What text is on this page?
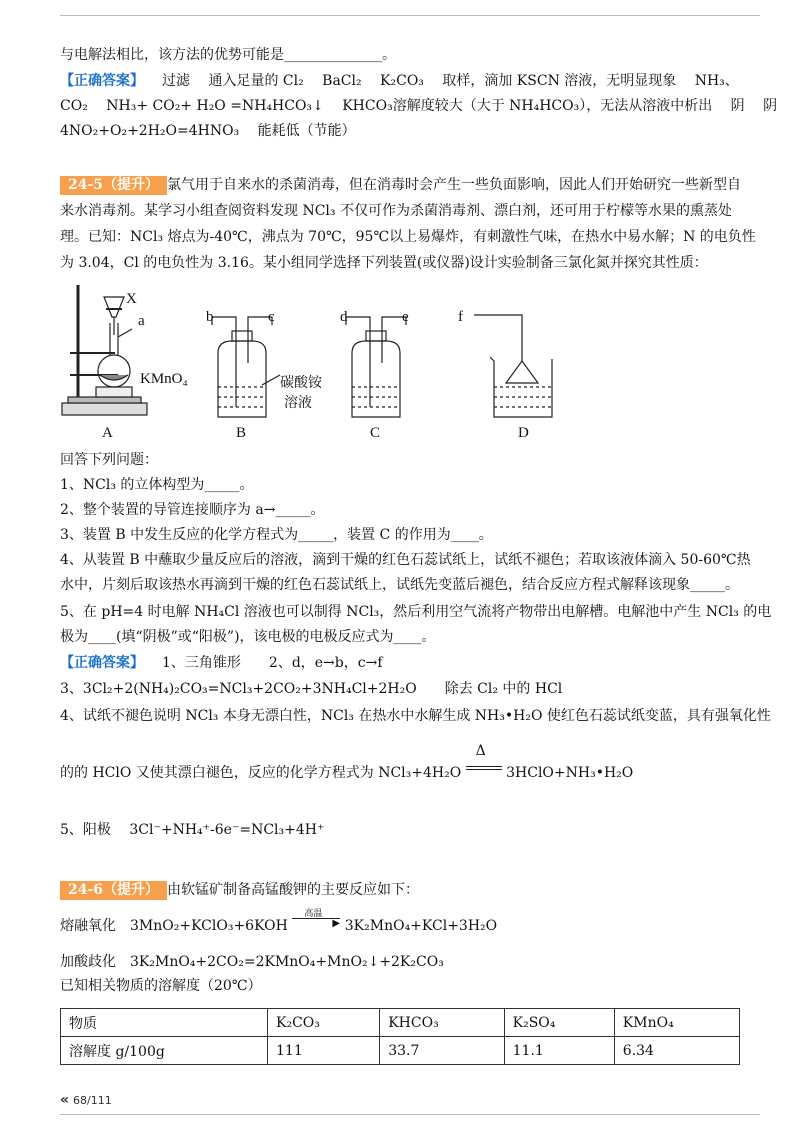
与电解法相比，该方法的优势可能是______________。
【正确答案】 过滤　 通入足量的 Cl₂　 BaCl₂　 K₂CO₃　 取样，滴加 KSCN 溶液，无明显现象　 NH₃、
CO₂　 NH₃+ CO₂+ H₂O =NH₄HCO₃↓　 KHCO₃溶解度较大（大于 NH₄HCO₃），无法从溶液中析出　 阴　 阴
4NO₂+O₂+2H₂O=4HNO₃　 能耗低（节能）
24-5（提升） 氯气用于自来水的杀菌消毒，但在消毒时会产生一些负面影响，因此人们开始研究一些新型自
来水消毒剂。某学习小组查阅资料发现 NCl₃ 不仅可作为杀菌消毒剂、漂白剂，还可用于柠檬等水果的熏蒸处
理。已知：NCl₃ 熔点为-40℃，沸点为 70℃，95℃以上易爆炸，有刺激性气味，在热水中易水解；N 的电负性
为 3.04，Cl 的电负性为 3.16。某小组同学选择下列装置(或仪器)设计实验制备三氯化氮并探究其性质：
X
a
KMnO₄
A
b	c
碳酸铵
溶液
B
d	e
C
f
D
回答下列问题：
1、NCl₃ 的立体构型为_____。
2、整个装置的导管连接顺序为 a→_____。
3、装置 B 中发生反应的化学方程式为_____，装置 C 的作用为____。
4、从装置 B 中蘸取少量反应后的溶液，滴到干燥的红色石蕊试纸上，试纸不褪色；若取该液体滴入 50-60℃热
水中，片刻后取该热水再滴到干燥的红色石蕊试纸上，试纸先变蓝后褪色，结合反应方程式解释该现象_____。
5、在 pH=4 时电解 NH₄Cl 溶液也可以制得 NCl₃，然后利用空气流将产物带出电解槽。电解池中产生 NCl₃ 的电
极为____(填“阴极”或“阳极”)，该电极的电极反应式为____。
【正确答案】 1、三角锥形　　2、d，e→b，c→f
3、3Cl₂+2(NH₄)₂CO₃=NCl₃+2CO₂+3NH₄Cl+2H₂O　　除去 Cl₂ 中的 HCl
4、试纸不褪色说明 NCl₃ 本身无漂白性，NCl₃ 在热水中水解生成 NH₃•H₂O 使红色石蕊试纸变蓝，具有强氧化性
的的 HClO 又使其漂白褪色，反应的化学方程式为 NCl₃+4H₂O
Δ
3HClO+NH₃•H₂O
5、阳极　 3Cl⁻+NH₄⁺-6e⁻=NCl₃+4H⁺
24-6（提升） 由软锰矿制备高锰酸钾的主要反应如下：
熔融氧化　3MnO₂+KClO₃+6KOH
高温
▶ 3K₂MnO₄+KCl+3H₂O
加酸歧化　3K₂MnO₄+2CO₂=2KMnO₄+MnO₂↓+2K₂CO₃
已知相关物质的溶解度（20℃）
物质	K₂CO₃	KHCO₃	K₂SO₄	KMnO₄
溶解度 g/100g	111	33.7	11.1	6.34
« 68/111
